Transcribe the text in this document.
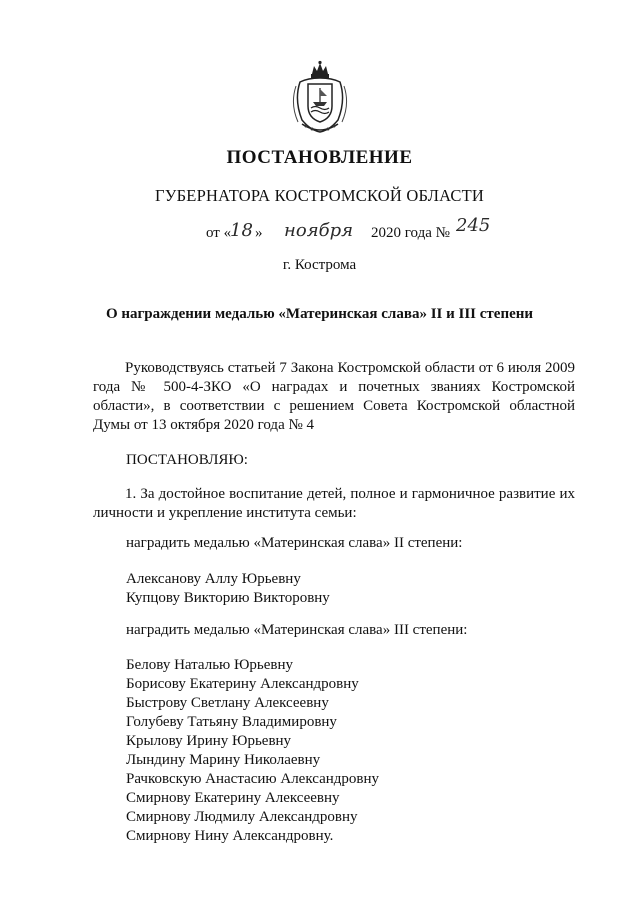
ПОСТАНОВЛЕНИЕ
ГУБЕРНАТОРА КОСТРОМСКОЙ ОБЛАСТИ
от «
18 » ноября 2020 года № 245
г. Кострома
О награждении медалью «Материнская слава» II и III степени
Руководствуясь статьей 7 Закона Костромской области от 6 июля 2009 года № 500-4-ЗКО «О наградах и почетных званиях Костромской области», в соответствии с решением Совета Костромской областной Думы от 13 октября 2020 года № 4
ПОСТАНОВЛЯЮ:
1. За достойное воспитание детей, полное и гармоничное развитие их личности и укрепление института семьи:
наградить медалью «Материнская слава» II степени:
Алексанову Аллу Юрьевну
Купцову Викторию Викторовну
наградить медалью «Материнская слава» III степени:
Белову Наталью Юрьевну
Борисову Екатерину Александровну
Быстрову Светлану Алексеевну
Голубеву Татьяну Владимировну
Крылову Ирину Юрьевну
Лындину Марину Николаевну
Рачковскую Анастасию Александровну
Смирнову Екатерину Алексеевну
Смирнову Людмилу Александровну
Смирнову Нину Александровну.
